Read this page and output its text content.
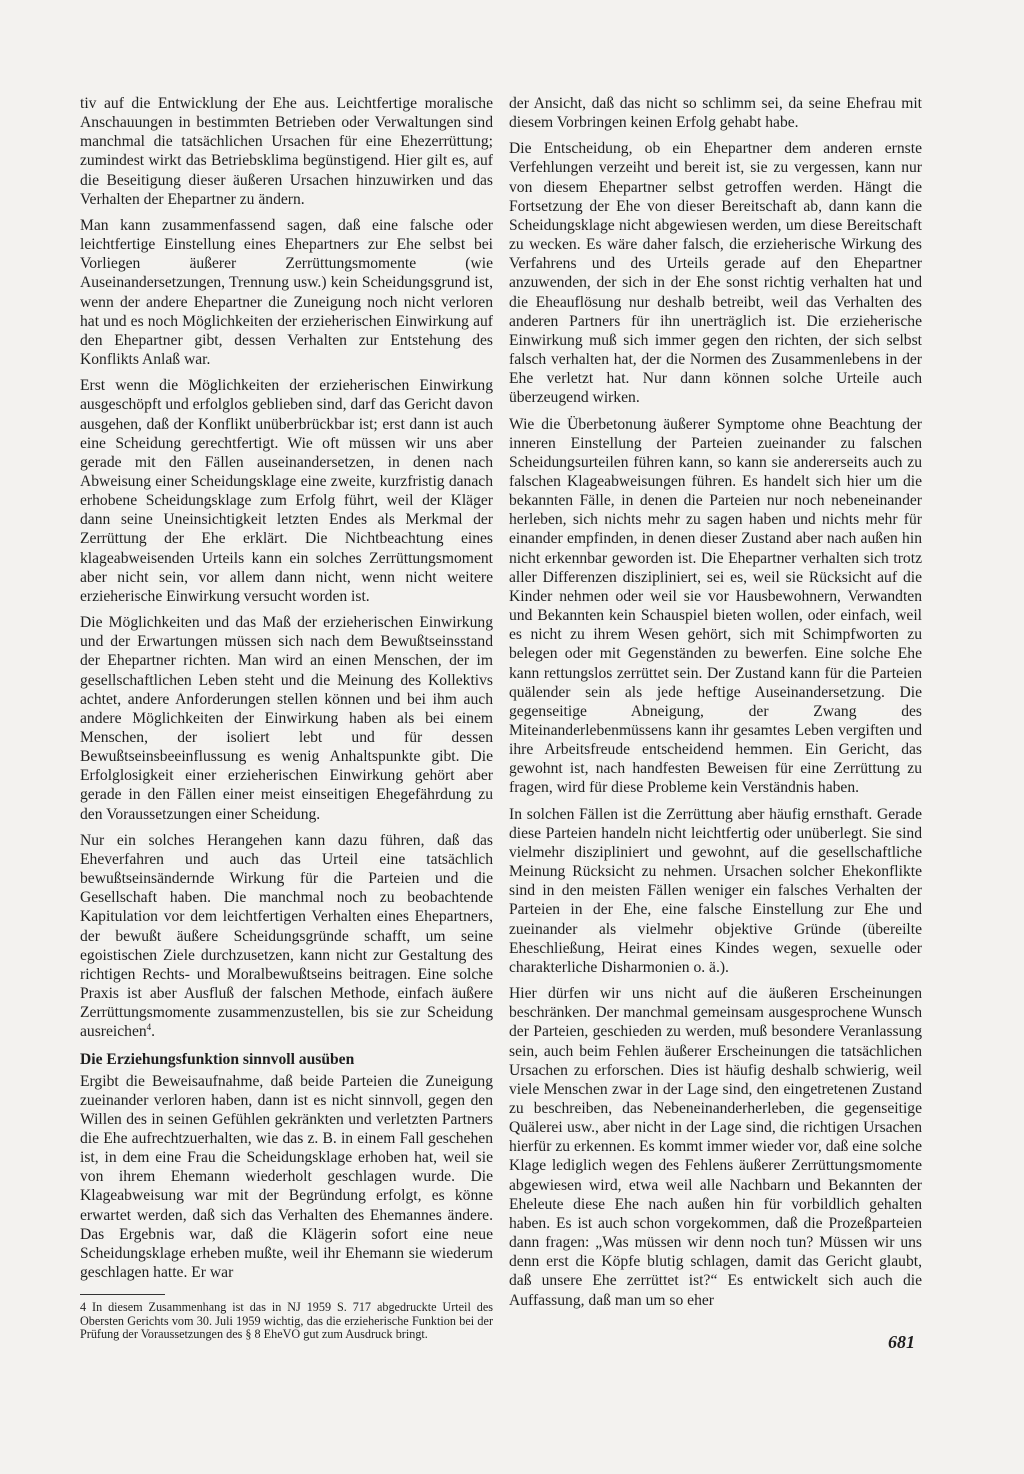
tiv auf die Entwicklung der Ehe aus. Leichtfertige moralische Anschauungen in bestimmten Betrieben oder Verwaltungen sind manchmal die tatsächlichen Ursachen für eine Ehezerrüttung; zumindest wirkt das Betriebsklima begünstigend. Hier gilt es, auf die Beseitigung dieser äußeren Ursachen hinzuwirken und das Verhalten der Ehepartner zu ändern.

Man kann zusammenfassend sagen, daß eine falsche oder leichtfertige Einstellung eines Ehepartners zur Ehe selbst bei Vorliegen äußerer Zerrüttungsmomente (wie Auseinandersetzungen, Trennung usw.) kein Scheidungsgrund ist, wenn der andere Ehepartner die Zuneigung noch nicht verloren hat und es noch Möglichkeiten der erzieherischen Einwirkung auf den Ehepartner gibt, dessen Verhalten zur Entstehung des Konflikts Anlaß war.

Erst wenn die Möglichkeiten der erzieherischen Einwirkung ausgeschöpft und erfolglos geblieben sind, darf das Gericht davon ausgehen, daß der Konflikt unüberbrückbar ist; erst dann ist auch eine Scheidung gerechtfertigt. Wie oft müssen wir uns aber gerade mit den Fällen auseinandersetzen, in denen nach Abweisung einer Scheidungsklage eine zweite, kurzfristig danach erhobene Scheidungsklage zum Erfolg führt, weil der Kläger dann seine Uneinsichtigkeit letzten Endes als Merkmal der Zerrüttung der Ehe erklärt. Die Nichtbeachtung eines klageabweisenden Urteils kann ein solches Zerrüttungsmoment aber nicht sein, vor allem dann nicht, wenn nicht weitere erzieherische Einwirkung versucht worden ist.

Die Möglichkeiten und das Maß der erzieherischen Einwirkung und der Erwartungen müssen sich nach dem Bewußtseinsstand der Ehepartner richten. Man wird an einen Menschen, der im gesellschaftlichen Leben steht und die Meinung des Kollektivs achtet, andere Anforderungen stellen können und bei ihm auch andere Möglichkeiten der Einwirkung haben als bei einem Menschen, der isoliert lebt und für dessen Bewußtseinsbeeinflussung es wenig Anhaltspunkte gibt. Die Erfolglosigkeit einer erzieherischen Einwirkung gehört aber gerade in den Fällen einer meist einseitigen Ehegefährdung zu den Voraussetzungen einer Scheidung.

Nur ein solches Herangehen kann dazu führen, daß das Eheverfahren und auch das Urteil eine tatsächlich bewußtseinsändernde Wirkung für die Parteien und die Gesellschaft haben. Die manchmal noch zu beobachtende Kapitulation vor dem leichtfertigen Verhalten eines Ehepartners, der bewußt äußere Scheidungsgründe schafft, um seine egoistischen Ziele durchzusetzen, kann nicht zur Gestaltung des richtigen Rechts- und Moralbewußtseins beitragen. Eine solche Praxis ist aber Ausfluß der falschen Methode, einfach äußere Zerrüttungsmomente zusammenzustellen, bis sie zur Scheidung ausreichen$^4$.

Die Erziehungsfunktion sinnvoll ausüben

Ergibt die Beweisaufnahme, daß beide Parteien die Zuneigung zueinander verloren haben, dann ist es nicht sinnvoll, gegen den Willen des in seinen Gefühlen gekränkten und verletzten Partners die Ehe aufrechtzuerhalten, wie das z. B. in einem Fall geschehen ist, in dem eine Frau die Scheidungsklage erhoben hat, weil sie von ihrem Ehemann wiederholt geschlagen wurde. Die Klageabweisung war mit der Begründung erfolgt, es könne erwartet werden, daß sich das Verhalten des Ehemannes ändere. Das Ergebnis war, daß die Klägerin sofort eine neue Scheidungsklage erheben mußte, weil ihr Ehemann sie wiederum geschlagen hatte. Er war

4 In diesem Zusammenhang ist das in NJ 1959 S. 717 abgedruckte Urteil des Obersten Gerichts vom 30. Juli 1959 wichtig, das die erzieherische Funktion bei der Prüfung der Voraussetzungen des § 8 EheVO gut zum Ausdruck bringt.

der Ansicht, daß das nicht so schlimm sei, da seine Ehefrau mit diesem Vorbringen keinen Erfolg gehabt habe.

Die Entscheidung, ob ein Ehepartner dem anderen ernste Verfehlungen verzeiht und bereit ist, sie zu vergessen, kann nur von diesem Ehepartner selbst getroffen werden. Hängt die Fortsetzung der Ehe von dieser Bereitschaft ab, dann kann die Scheidungsklage nicht abgewiesen werden, um diese Bereitschaft zu wecken. Es wäre daher falsch, die erzieherische Wirkung des Verfahrens und des Urteils gerade auf den Ehepartner anzuwenden, der sich in der Ehe sonst richtig verhalten hat und die Eheauflösung nur deshalb betreibt, weil das Verhalten des anderen Partners für ihn unerträglich ist. Die erzieherische Einwirkung muß sich immer gegen den richten, der sich selbst falsch verhalten hat, der die Normen des Zusammenlebens in der Ehe verletzt hat. Nur dann können solche Urteile auch überzeugend wirken.

Wie die Überbetonung äußerer Symptome ohne Beachtung der inneren Einstellung der Parteien zueinander zu falschen Scheidungsurteilen führen kann, so kann sie andererseits auch zu falschen Klageabweisungen führen. Es handelt sich hier um die bekannten Fälle, in denen die Parteien nur noch nebeneinander herleben, sich nichts mehr zu sagen haben und nichts mehr für einander empfinden, in denen dieser Zustand aber nach außen hin nicht erkennbar geworden ist. Die Ehepartner verhalten sich trotz aller Differenzen diszipliniert, sei es, weil sie Rücksicht auf die Kinder nehmen oder weil sie vor Hausbewohnern, Verwandten und Bekannten kein Schauspiel bieten wollen, oder einfach, weil es nicht zu ihrem Wesen gehört, sich mit Schimpfworten zu belegen oder mit Gegenständen zu bewerfen. Eine solche Ehe kann rettungslos zerrüttet sein. Der Zustand kann für die Parteien quälender sein als jede heftige Auseinandersetzung. Die gegenseitige Abneigung, der Zwang des Miteinanderlebenmüssens kann ihr gesamtes Leben vergiften und ihre Arbeitsfreude entscheidend hemmen. Ein Gericht, das gewohnt ist, nach handfesten Beweisen für eine Zerrüttung zu fragen, wird für diese Probleme kein Verständnis haben.

In solchen Fällen ist die Zerrüttung aber häufig ernsthaft. Gerade diese Parteien handeln nicht leichtfertig oder unüberlegt. Sie sind vielmehr diszipliniert und gewohnt, auf die gesellschaftliche Meinung Rücksicht zu nehmen. Ursachen solcher Ehekonflikte sind in den meisten Fällen weniger ein falsches Verhalten der Parteien in der Ehe, eine falsche Einstellung zur Ehe und zueinander als vielmehr objektive Gründe (übereilte Eheschließung, Heirat eines Kindes wegen, sexuelle oder charakterliche Disharmonien o. ä.).

Hier dürfen wir uns nicht auf die äußeren Erscheinungen beschränken. Der manchmal gemeinsam ausgesprochene Wunsch der Parteien, geschieden zu werden, muß besondere Veranlassung sein, auch beim Fehlen äußerer Erscheinungen die tatsächlichen Ursachen zu erforschen. Dies ist häufig deshalb schwierig, weil viele Menschen zwar in der Lage sind, den eingetretenen Zustand zu beschreiben, das Nebeneinanderherleben, die gegenseitige Quälerei usw., aber nicht in der Lage sind, die richtigen Ursachen hierfür zu erkennen. Es kommt immer wieder vor, daß eine solche Klage lediglich wegen des Fehlens äußerer Zerrüttungsmomente abgewiesen wird, etwa weil alle Nachbarn und Bekannten der Eheleute diese Ehe nach außen hin für vorbildlich gehalten haben. Es ist auch schon vorgekommen, daß die Prozeßparteien dann fragen: „Was müssen wir denn noch tun? Müssen wir uns denn erst die Köpfe blutig schlagen, damit das Gericht glaubt, daß unsere Ehe zerrüttet ist?“ Es entwickelt sich auch die Auffassung, daß man um so eher

681
